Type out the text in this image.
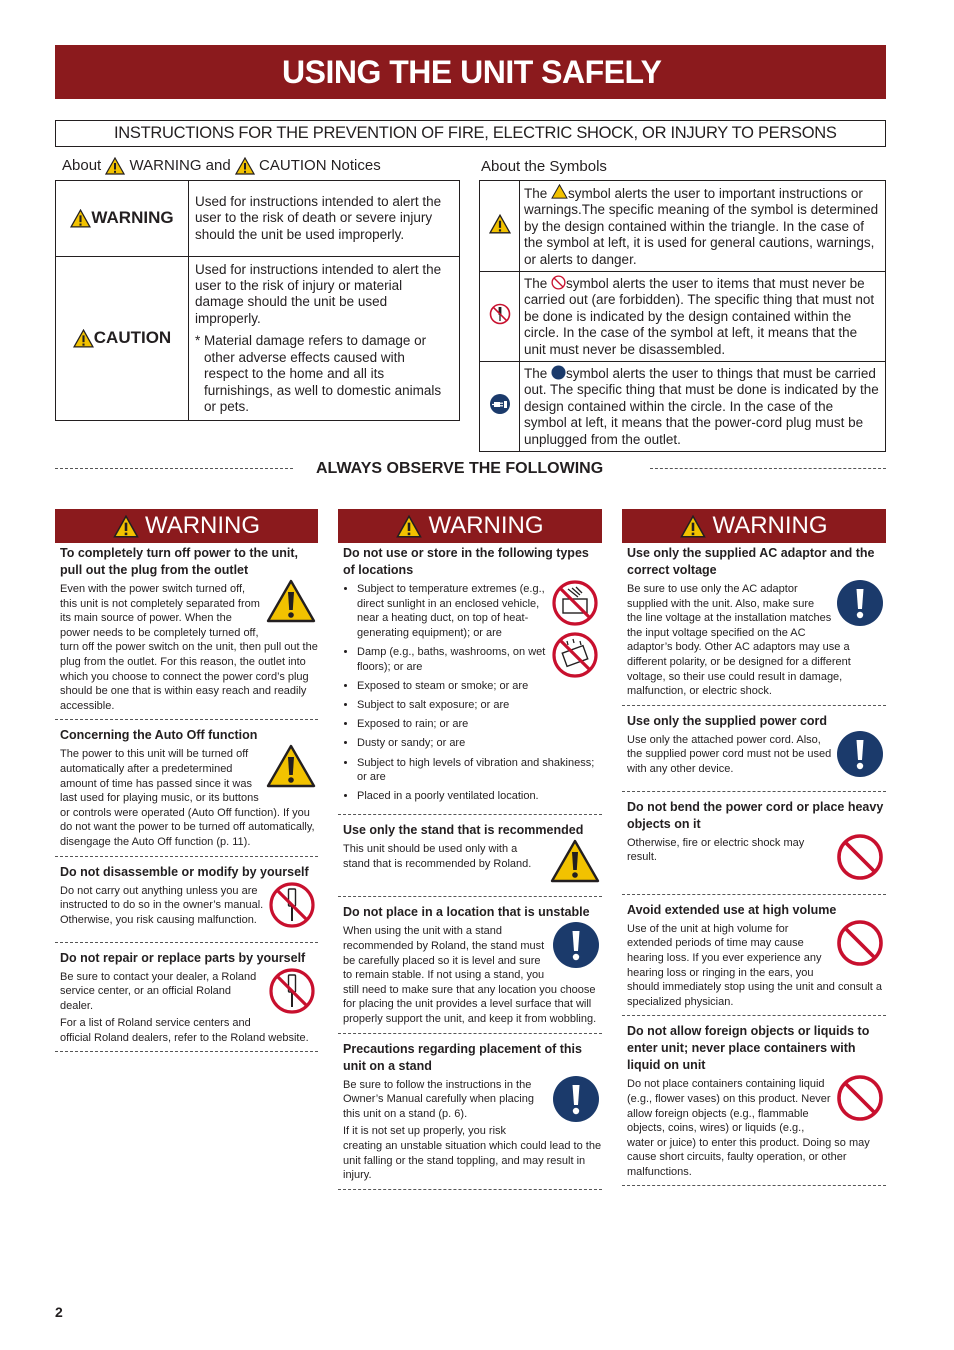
USING THE UNIT SAFELY
INSTRUCTIONS FOR THE PREVENTION OF FIRE, ELECTRIC SHOCK, OR INJURY TO PERSONS
About WARNING and CAUTION Notices
WARNING	Used for instructions intended to alert the user to the risk of death or severe injury should the unit be used improperly.

CAUTION	Used for instructions intended to alert the user to the risk of injury or material damage should the unit be used improperly.
* Material damage refers to damage or other adverse effects caused with respect to the home and all its furnishings, as well to domestic animals or pets.
About the Symbols
	The symbol alerts the user to important instructions or warnings.The specific meaning of the symbol is determined by the design contained within the triangle. In the case of the symbol at left, it is used for general cautions, warnings, or alerts to danger.
	The symbol alerts the user to items that must never be carried out (are forbidden). The specific thing that must not be done is indicated by the design contained within the circle. In the case of the symbol at left, it means that the unit must never be disassembled.
	The symbol alerts the user to things that must be carried out. The specific thing that must be done is indicated by the design contained within the circle. In the case of the symbol at left, it means that the power-cord plug must be unplugged from the outlet.
ALWAYS OBSERVE THE FOLLOWING
WARNING	WARNING	WARNING
To completely turn off power to the unit, pull out the plug from the outlet

Even with the power switch turned off, this unit is not completely separated from its main source of power. When the power needs to be completely turned off, turn off the power switch on the unit, then pull out the plug from the outlet. For this reason, the outlet into which you choose to connect the power cord’s plug should be one that is within easy reach and readily accessible.

Concerning the Auto Off function

The power to this unit will be turned off automatically after a predetermined amount of time has passed since it was last used for playing music, or its buttons or controls were operated (Auto Off function). If you do not want the power to be turned off automatically, disengage the Auto Off function (p. 11).

Do not disassemble or modify by yourself

Do not carry out anything unless you are instructed to do so in the owner’s manual. Otherwise, you risk causing malfunction.

Do not repair or replace parts by yourself

Be sure to contact your dealer, a Roland service center, or an official Roland dealer.

For a list of Roland service centers and official Roland dealers, refer to the Roland website.

Do not use or store in the following types of locations
• Subject to temperature extremes (e.g., direct sunlight in an enclosed vehicle, near a heating duct, on top of heat-generating equipment); or are
• Damp (e.g., baths, washrooms, on wet floors); or are
• Exposed to steam or smoke; or are
• Subject to salt exposure; or are
• Exposed to rain; or are
• Dusty or sandy; or are
• Subject to high levels of vibration and shakiness; or are
• Placed in a poorly ventilated location.
Use only the stand that is recommended

This unit should be used only with a stand that is recommended by Roland.

Do not place in a location that is unstable

When using the unit with a stand recommended by Roland, the stand must be carefully placed so it is level and sure to remain stable. If not using a stand, you still need to make sure that any location you choose for placing the unit provides a level surface that will properly support the unit, and keep it from wobbling.

Precautions regarding placement of this unit on a stand

Be sure to follow the instructions in the Owner’s Manual carefully when placing this unit on a stand (p. 6).

If it is not set up properly, you risk creating an unstable situation which could lead to the unit falling or the stand toppling, and may result in injury.

Use only the supplied AC adaptor and the correct voltage

Be sure to use only the AC adaptor supplied with the unit. Also, make sure the line voltage at the installation matches the input voltage specified on the AC adaptor’s body. Other AC adaptors may use a different polarity, or be designed for a different voltage, so their use could result in damage, malfunction, or electric shock.

Use only the supplied power cord

Use only the attached power cord. Also, the supplied power cord must not be used with any other device.

Do not bend the power cord or place heavy objects on it

Otherwise, fire or electric shock may result.

Avoid extended use at high volume

Use of the unit at high volume for extended periods of time may cause hearing loss. If you ever experience any hearing loss or ringing in the ears, you should immediately stop using the unit and consult a specialized physician.

Do not allow foreign objects or liquids to enter unit; never place containers with liquid on unit

Do not place containers containing liquid (e.g., flower vases) on this product. Never allow foreign objects (e.g., flammable objects, coins, wires) or liquids (e.g., water or juice) to enter this product. Doing so may cause short circuits, faulty operation, or other malfunctions.

2
